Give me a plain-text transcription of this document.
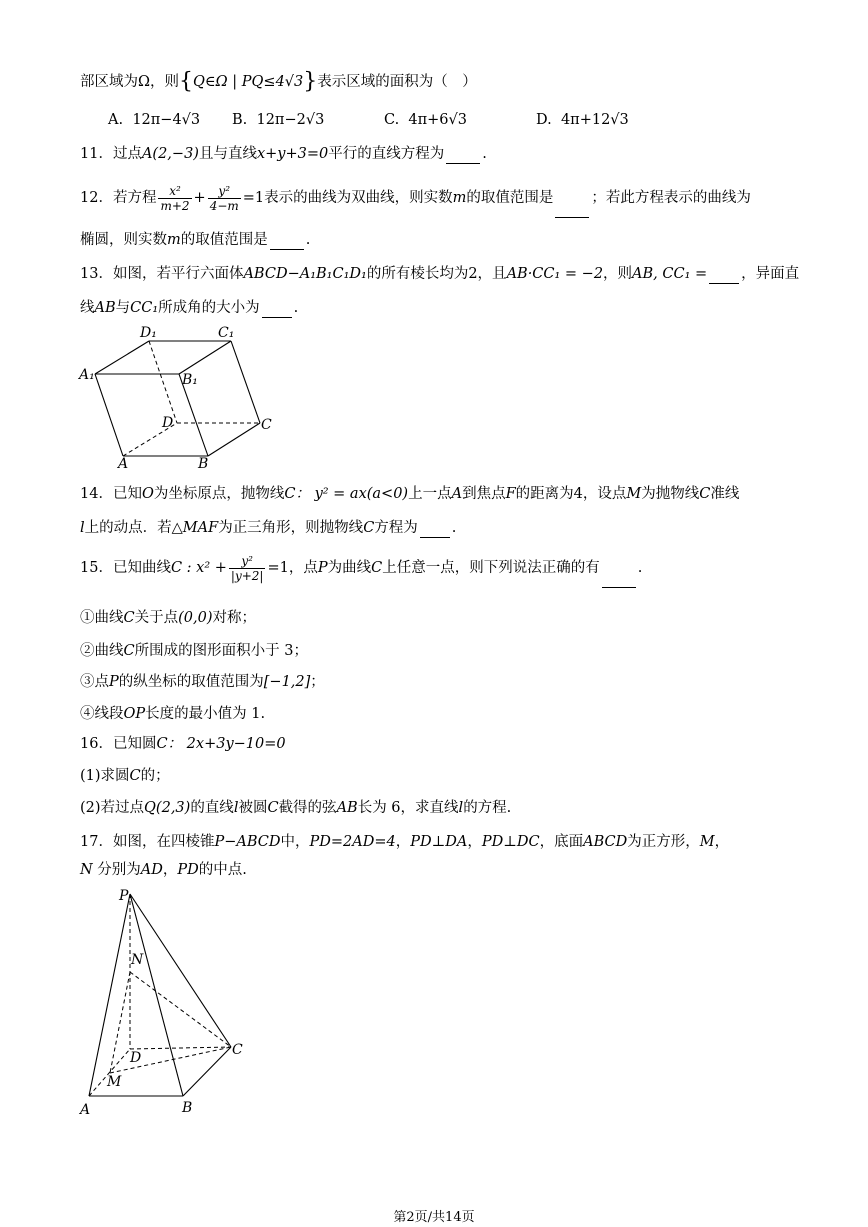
部区域为Ω，则{Q∈Ω | PQ≤4√3}表示区域的面积为（　）
A. 12π−4√3 B. 12π−2√3	C. 4π+6√3	D. 4π+12√3
11．过点A(2,−3)且与直线x+y+3=0平行的直线方程为	.
12．若方程 $\frac{\text{x²}}{m+2} + \frac{\text{y²}}{4-m} =1$表示的曲线为双曲线，则实数m的取值范围是	；若此方程表示的曲线为
椭圆，则实数m的取值范围是	.
13．如图，若平行六面体ABCD−A₁B₁C₁D₁的所有棱长均为2，且AB·CC₁ = −2，则AB, CC₁ = ，异面直
线AB与CC₁所成角的大小为 .
D₁	C₁
A₁	B₁
D	C
A	B
14．已知O为坐标原点，抛物线C： y² = ax(a<0)上一点A到焦点F的距离为4，设点M为抛物线C准线
l上的动点．若△MAF为正三角形，则抛物线C方程为 .
15．已知曲线C : $x^2 + \frac{\text{y²}}{|y+2|} =1$，点P为曲线C上任意一点，则下列说法正确的有	.
①曲线C关于点(0,0)对称；
②曲线C所围成的图形面积小于 3；
③点P的纵坐标的取值范围为[−1,2]；
④线段OP长度的最小值为 1.
16．已知圆C： 2x+3y−10=0
(1)求圆C的；
(2)若过点Q(2,3)的直线l被圆C截得的弦AB长为 6，求直线l的方程.
17．如图，在四棱锥P−ABCD中，PD=2AD=4，PD⊥DA，PD⊥DC，底面ABCD为正方形，M，
N 分别为AD，PD的中点.
P
N
D	C
M
A	B
第2页/共14页
